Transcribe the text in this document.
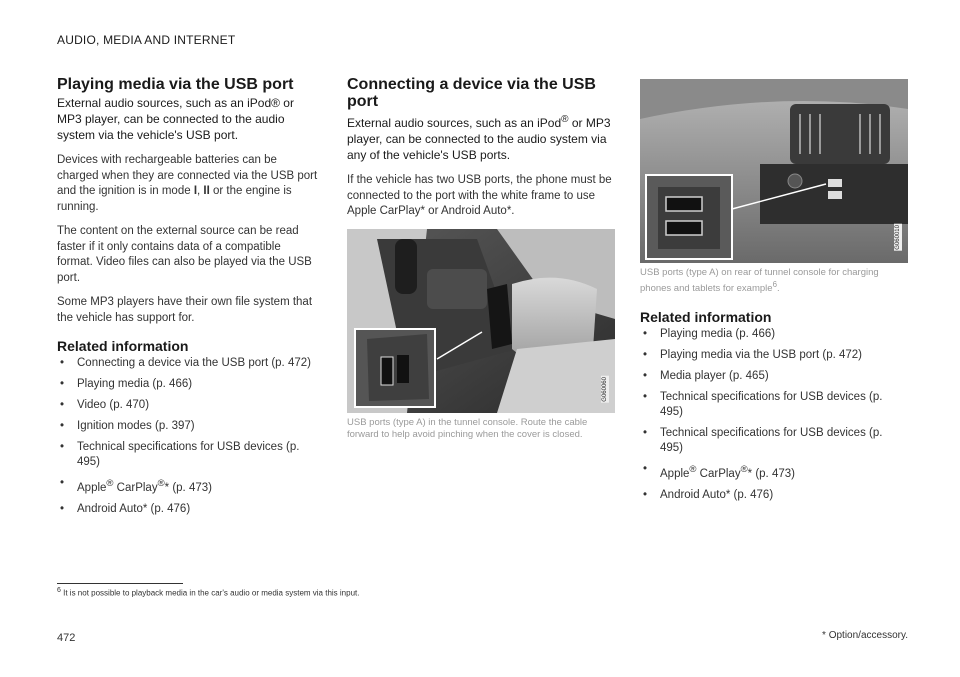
AUDIO, MEDIA AND INTERNET
Playing media via the USB port

External audio sources, such as an iPod® or MP3 player, can be connected to the audio system via the vehicle's USB port.

Devices with rechargeable batteries can be charged when they are connected via the USB port and the ignition is in mode I, II or the engine is running.

The content on the external source can be read faster if it only contains data of a compatible format. Video files can also be played via the USB port.

Some MP3 players have their own file system that the vehicle has support for.

Related information
• Connecting a device via the USB port (p. 472)
• Playing media (p. 466)
• Video (p. 470)
• Ignition modes (p. 397)
• Technical specifications for USB devices (p. 495)
• Apple® CarPlay®* (p. 473)
• Android Auto* (p. 476)
Connecting a device via the USB port

External audio sources, such as an iPod® or MP3 player, can be connected to the audio system via any of the vehicle's USB ports.

If the vehicle has two USB ports, the phone must be connected to the port with the white frame to use Apple CarPlay* or Android Auto*.

G060060
USB ports (type A) in the tunnel console. Route the cable forward to help avoid pinching when the cover is closed.
G060010
USB ports (type A) on rear of tunnel console for charging phones and tablets for example$^6$.
Related information
• Playing media (p. 466)
• Playing media via the USB port (p. 472)
• Media player (p. 465)
• Technical specifications for USB devices (p. 495)
• Technical specifications for USB devices (p. 495)
• Apple® CarPlay®* (p. 473)
• Android Auto* (p. 476)
$^6$ It is not possible to playback media in the car's audio or media system via this input.
472	* Option/accessory.
